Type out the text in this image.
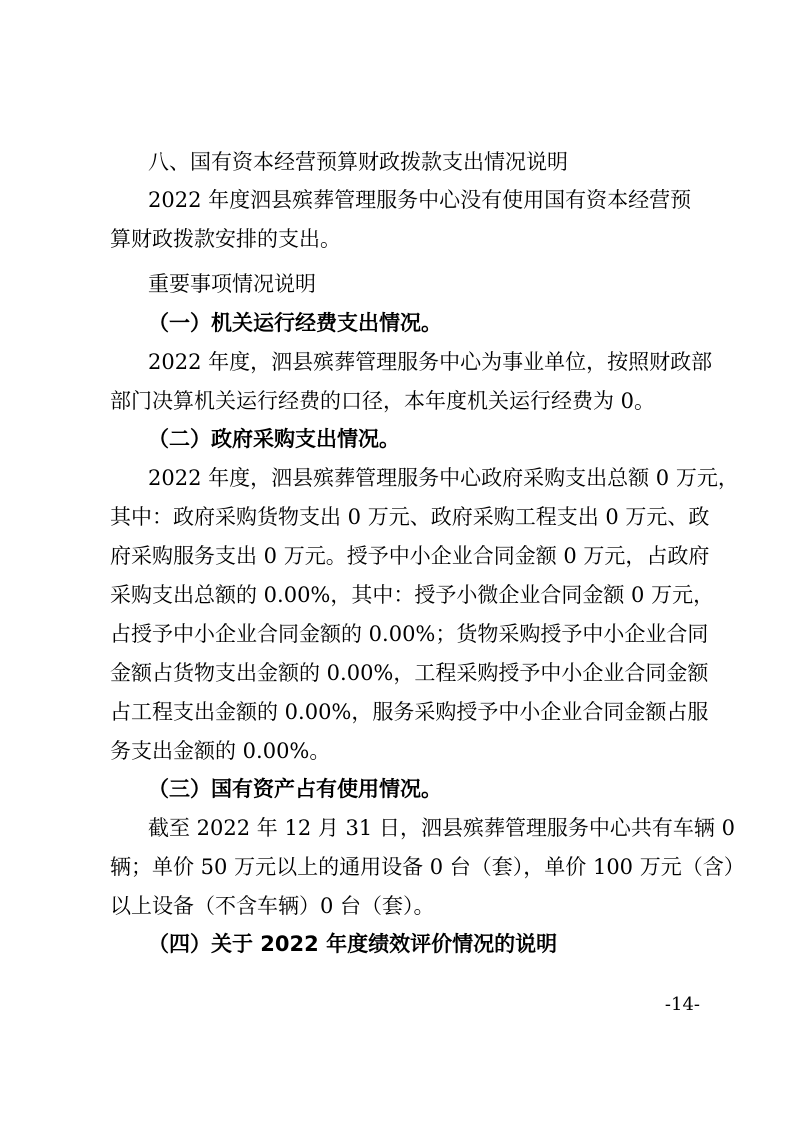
八、国有资本经营预算财政拨款支出情况说明
2022 年度泗县殡葬管理服务中心没有使用国有资本经营预
算财政拨款安排的支出。
重要事项情况说明
（一）机关运行经费支出情况。
2022 年度，泗县殡葬管理服务中心为事业单位，按照财政部
部门决算机关运行经费的口径，本年度机关运行经费为 0。
（二）政府采购支出情况。
2022 年度，泗县殡葬管理服务中心政府采购支出总额 0 万元，
其中：政府采购货物支出 0 万元、政府采购工程支出 0 万元、政
府采购服务支出 0 万元。授予中小企业合同金额 0 万元，占政府
采购支出总额的 0.00%，其中：授予小微企业合同金额 0 万元，
占授予中小企业合同金额的 0.00%；货物采购授予中小企业合同
金额占货物支出金额的 0.00%，工程采购授予中小企业合同金额
占工程支出金额的 0.00%，服务采购授予中小企业合同金额占服
务支出金额的 0.00%。
（三）国有资产占有使用情况。
截至 2022 年 12 月 31 日，泗县殡葬管理服务中心共有车辆 0
辆；单价 50 万元以上的通用设备 0 台（套），单价 100 万元（含）
以上设备（不含车辆）0 台（套）。
（四）关于 2022 年度绩效评价情况的说明
-14-
